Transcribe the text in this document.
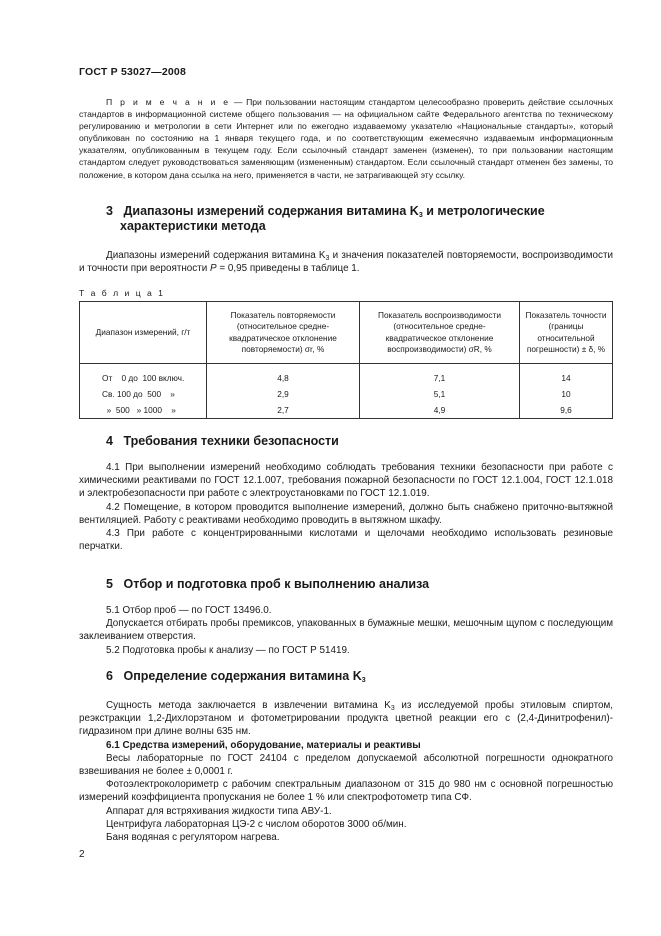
ГОСТ Р 53027—2008

П р и м е ч а н и е — При пользовании настоящим стандартом целесообразно проверить действие ссылочных стандартов в информационной системе общего пользования — на официальном сайте Федерального агентства по техническому регулированию и метрологии в сети Интернет или по ежегодно издаваемому указателю «Национальные стандарты», который опубликован по состоянию на 1 января текущего года, и по соответствующим ежемесячно издаваемым информационным указателям, опубликованным в текущем году. Если ссылочный стандарт заменен (изменен), то при пользовании настоящим стандартом следует руководствоваться заменяющим (измененным) стандартом. Если ссылочный стандарт отменен без замены, то положение, в котором дана ссылка на него, применяется в части, не затрагивающей эту ссылку.

3 Диапазоны измерений содержания витамина $K_3$ и метрологические
характеристики метода

Диапазоны измерений содержания витамина $K_3$ и значения показателей повторяемости, воспроизводимости и точности при вероятности P = 0,95 приведены в таблице 1.

Т а б л и ц а 1
Диапазон измерений, г/т	Показатель повторяемости (относительное средне-квадратическое отклонение повторяемости) σr, %	Показатель воспроизводимости (относительное средне-квадратическое отклонение воспроизводимости) σR, %	Показатель точности (границы относительной погрешности) ± δ, %
От    0 до  100 включ.	4,8	7,1	14
Св. 100 до  500    »	2,9	5,1	10
»  500   » 1000    »	2,7	4,9	9,6
4 Требования техники безопасности

4.1 При выполнении измерений необходимо соблюдать требования техники безопасности при работе с химическими реактивами по ГОСТ 12.1.007, требования пожарной безопасности по ГОСТ 12.1.004, ГОСТ 12.1.018 и электробезопасности при работе с электроустановками по ГОСТ 12.1.019.

4.2 Помещение, в котором проводится выполнение измерений, должно быть снабжено приточно-вытяжной вентиляцией. Работу с реактивами необходимо проводить в вытяжном шкафу.

4.3 При работе с концентрированными кислотами и щелочами необходимо использовать резиновые перчатки.

5 Отбор и подготовка проб к выполнению анализа

5.1 Отбор проб — по ГОСТ 13496.0.

Допускается отбирать пробы премиксов, упакованных в бумажные мешки, мешочным щупом с последующим заклеиванием отверстия.

5.2 Подготовка пробы к анализу — по ГОСТ Р 51419.

6 Определение содержания витамина $K_3$

Сущность метода заключается в извлечении витамина $K_3$ из исследуемой пробы этиловым спиртом, реэкстракции 1,2-Дихлорэтаном и фотометрировании продукта цветной реакции его с (2,4-Динитрофенил)-гидразином при длине волны 635 нм.

6.1 Средства измерений, оборудование, материалы и реактивы

Весы лабораторные по ГОСТ 24104 с пределом допускаемой абсолютной погрешности однократного взвешивания не более ± 0,0001 г.

Фотоэлектроколориметр с рабочим спектральным диапазоном от 315 до 980 нм с основной погрешностью измерений коэффициента пропускания не более 1 % или спектрофотометр типа СФ.

Аппарат для встряхивания жидкости типа АВУ-1.

Центрифуга лабораторная ЦЭ-2 с числом оборотов 3000 об/мин.

Баня водяная с регулятором нагрева.

2
